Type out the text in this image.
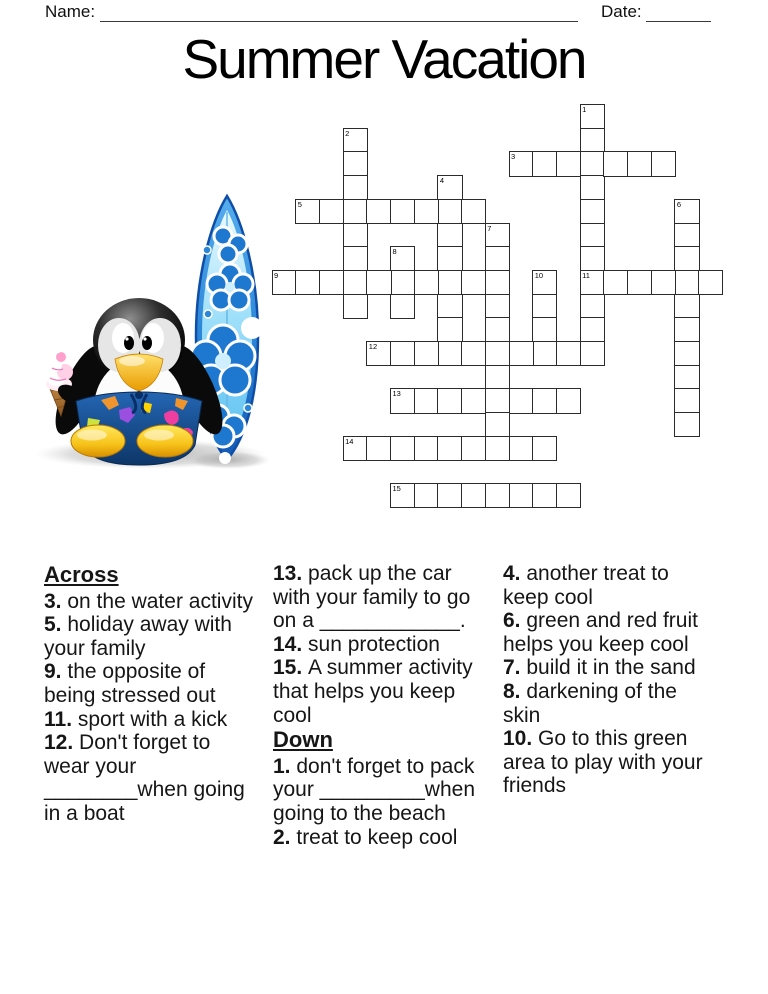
Name:	Date:
Summer Vacation
1
11
2
3
4
5	6
7
8
9	10
12
13
14
15

Across

3. on the water activity

5. holiday away with your family

9. the opposite of being stressed out

11. sport with a kick

12. Don't forget to wear your ________when going in a boat

13. pack up the car with your family to go on a ____________.

14. sun protection

15. A summer activity that helps you keep cool

Down

1. don't forget to pack your _________when going to the beach

2. treat to keep cool

4. another treat to keep cool

6. green and red fruit helps you keep cool

7. build it in the sand

8. darkening of the skin

10. Go to this green area to play with your friends
